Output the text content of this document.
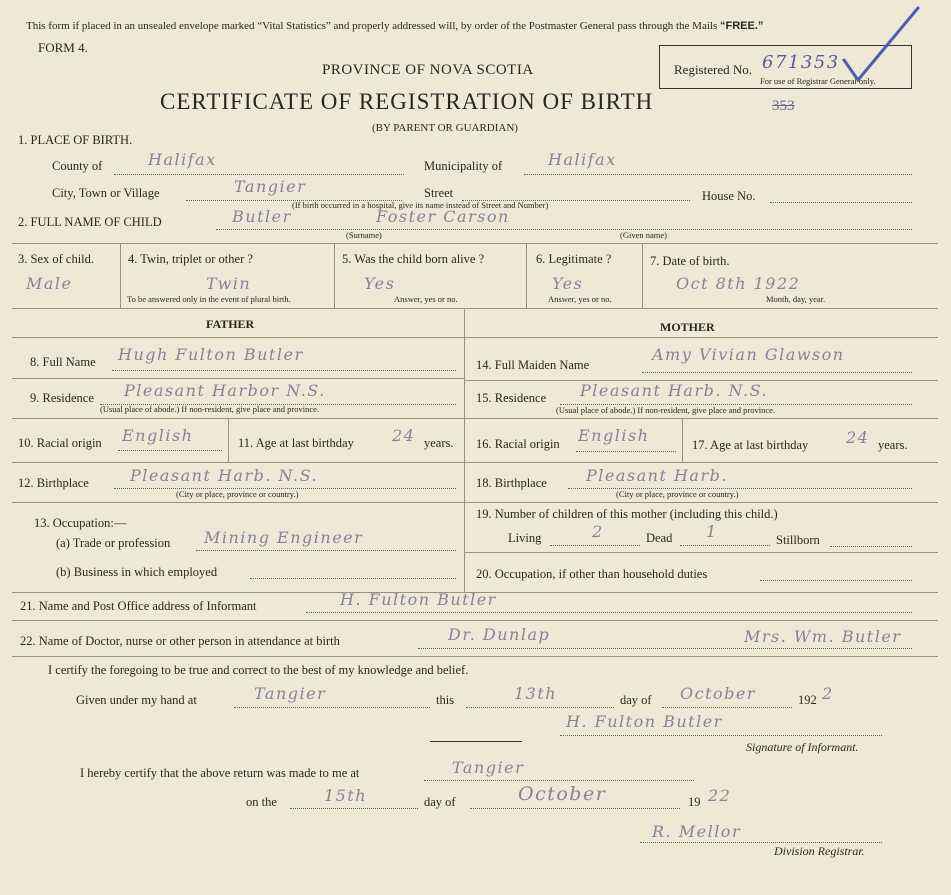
This form if placed in an unsealed envelope marked “Vital Statistics” and properly addressed will, by order of the Postmaster General pass through the Mails “FREE.”
FORM 4.
PROVINCE OF NOVA SCOTIA
CERTIFICATE OF REGISTRATION OF BIRTH
(BY PARENT OR GUARDIAN)
353
Registered No. 671353
For use of Registrar General only.
1. PLACE OF BIRTH.
County of	Halifax	Municipality of	Halifax
City, Town or Village	Tangier	Street	House No.
(If birth occurred in a hospital, give its name instead of Street and Number)
2. FULL NAME OF CHILD	Butler	Foster Carson
(Surname)	(Given name)
3. Sex of child.
Male
4. Twin, triplet or other ?
Twin
To be answered only in the event of plural birth.
5. Was the child born alive ?
Yes
Answer, yes or no.
6. Legitimate ?
Yes
Answer, yes or no.
7. Date of birth.
Oct 8th 1922
Month, day, year.
FATHER	MOTHER
8. Full Name Hugh Fulton Butler
9. Residence Pleasant Harbor N.S.
(Usual place of abode.) If non-resident, give place and province.
10. Racial origin English	11. Age at last birthday 24 years.
12. Birthplace	Pleasant Harb. N.S.
(City or place, province or country.)
13. Occupation:—
(a) Trade or profession Mining Engineer
(b) Business in which employed
14. Full Maiden Name
Amy Vivian Glawson
15. Residence Pleasant Harb. N.S.
(Usual place of abode.) If non-resident, give place and province.
16. Racial origin English	17. Age at last birthday 24 years.
18. Birthplace Pleasant Harb.
(City or place, province or country.)
19. Number of children of this mother (including this child.)
Living	2	Dead 1	Stillborn
20. Occupation, if other than household duties
21. Name and Post Office address of Informant	H. Fulton Butler
22. Name of Doctor, nurse or other person in attendance at birth	Dr. Dunlap	Mrs. Wm. Butler
I certify the foregoing to be true and correct to the best of my knowledge and belief.
Given under my hand at	Tangier	this	13th	day of October	192 2
H. Fulton Butler
Signature of Informant.
I hereby certify that the above return was made to me at	Tangier
on the	15th	day of	October	19 22
R. Mellor
Division Registrar.
